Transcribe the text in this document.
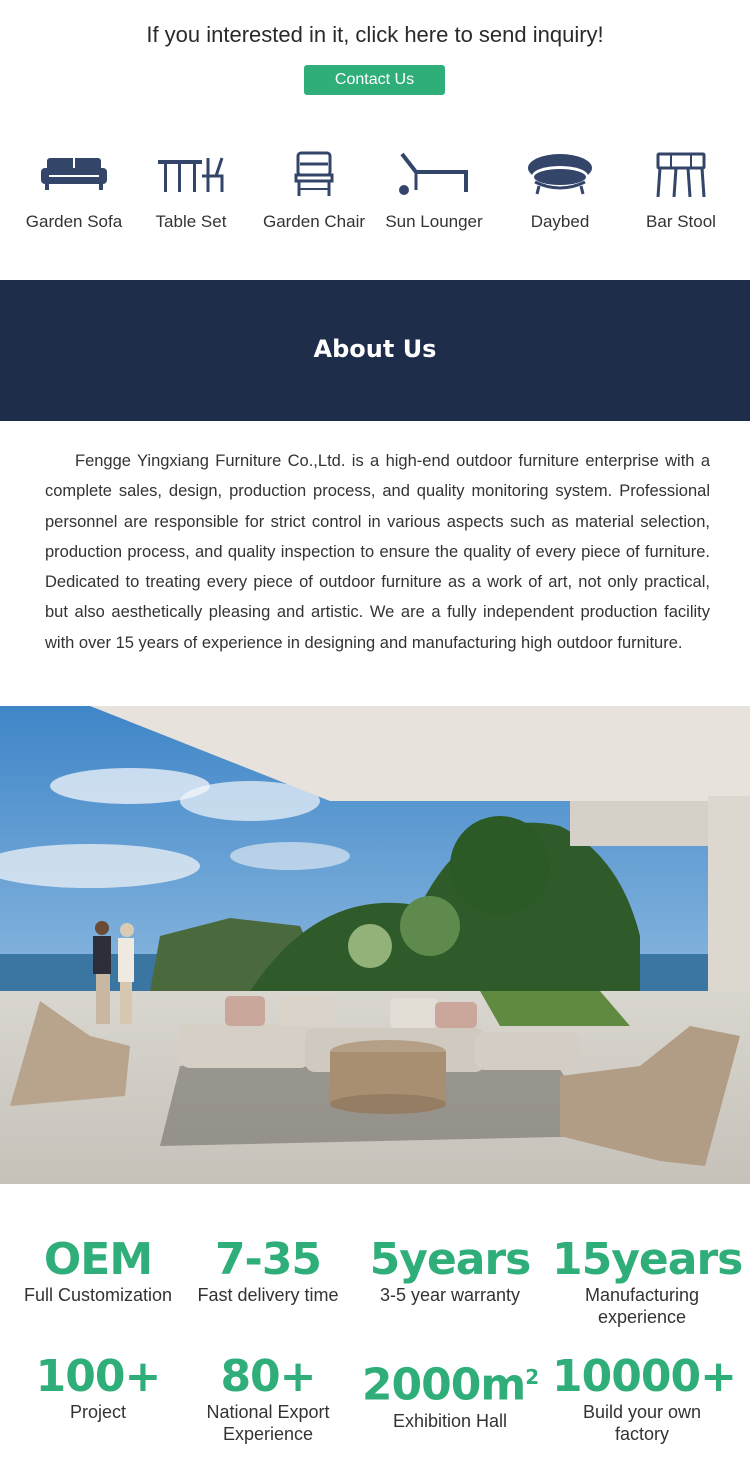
If you interested in it, click here to send inquiry!
Contact Us
Garden Sofa	Table Set	Garden Chair	Sun Lounger	Daybed	Bar Stool
About Us
Fengge Yingxiang Furniture Co.,Ltd. is a high-end outdoor furniture enterprise with a complete sales, design, production process, and quality monitoring system. Professional personnel are responsible for strict control in various aspects such as material selection, production process, and quality inspection to ensure the quality of every piece of furniture. Dedicated to treating every piece of outdoor furniture as a work of art, not only practical, but also aesthetically pleasing and artistic. We are a fully independent production facility with over 15 years of experience in designing and manufacturing high outdoor furniture.
OEM
Full Customization
7-35
Fast delivery time
5years
3-5 year warranty
15years
Manufacturing experience
100+
Project
80+
National Export Experience
$2000m^2$
Exhibition Hall
10000+
Build your own factory
